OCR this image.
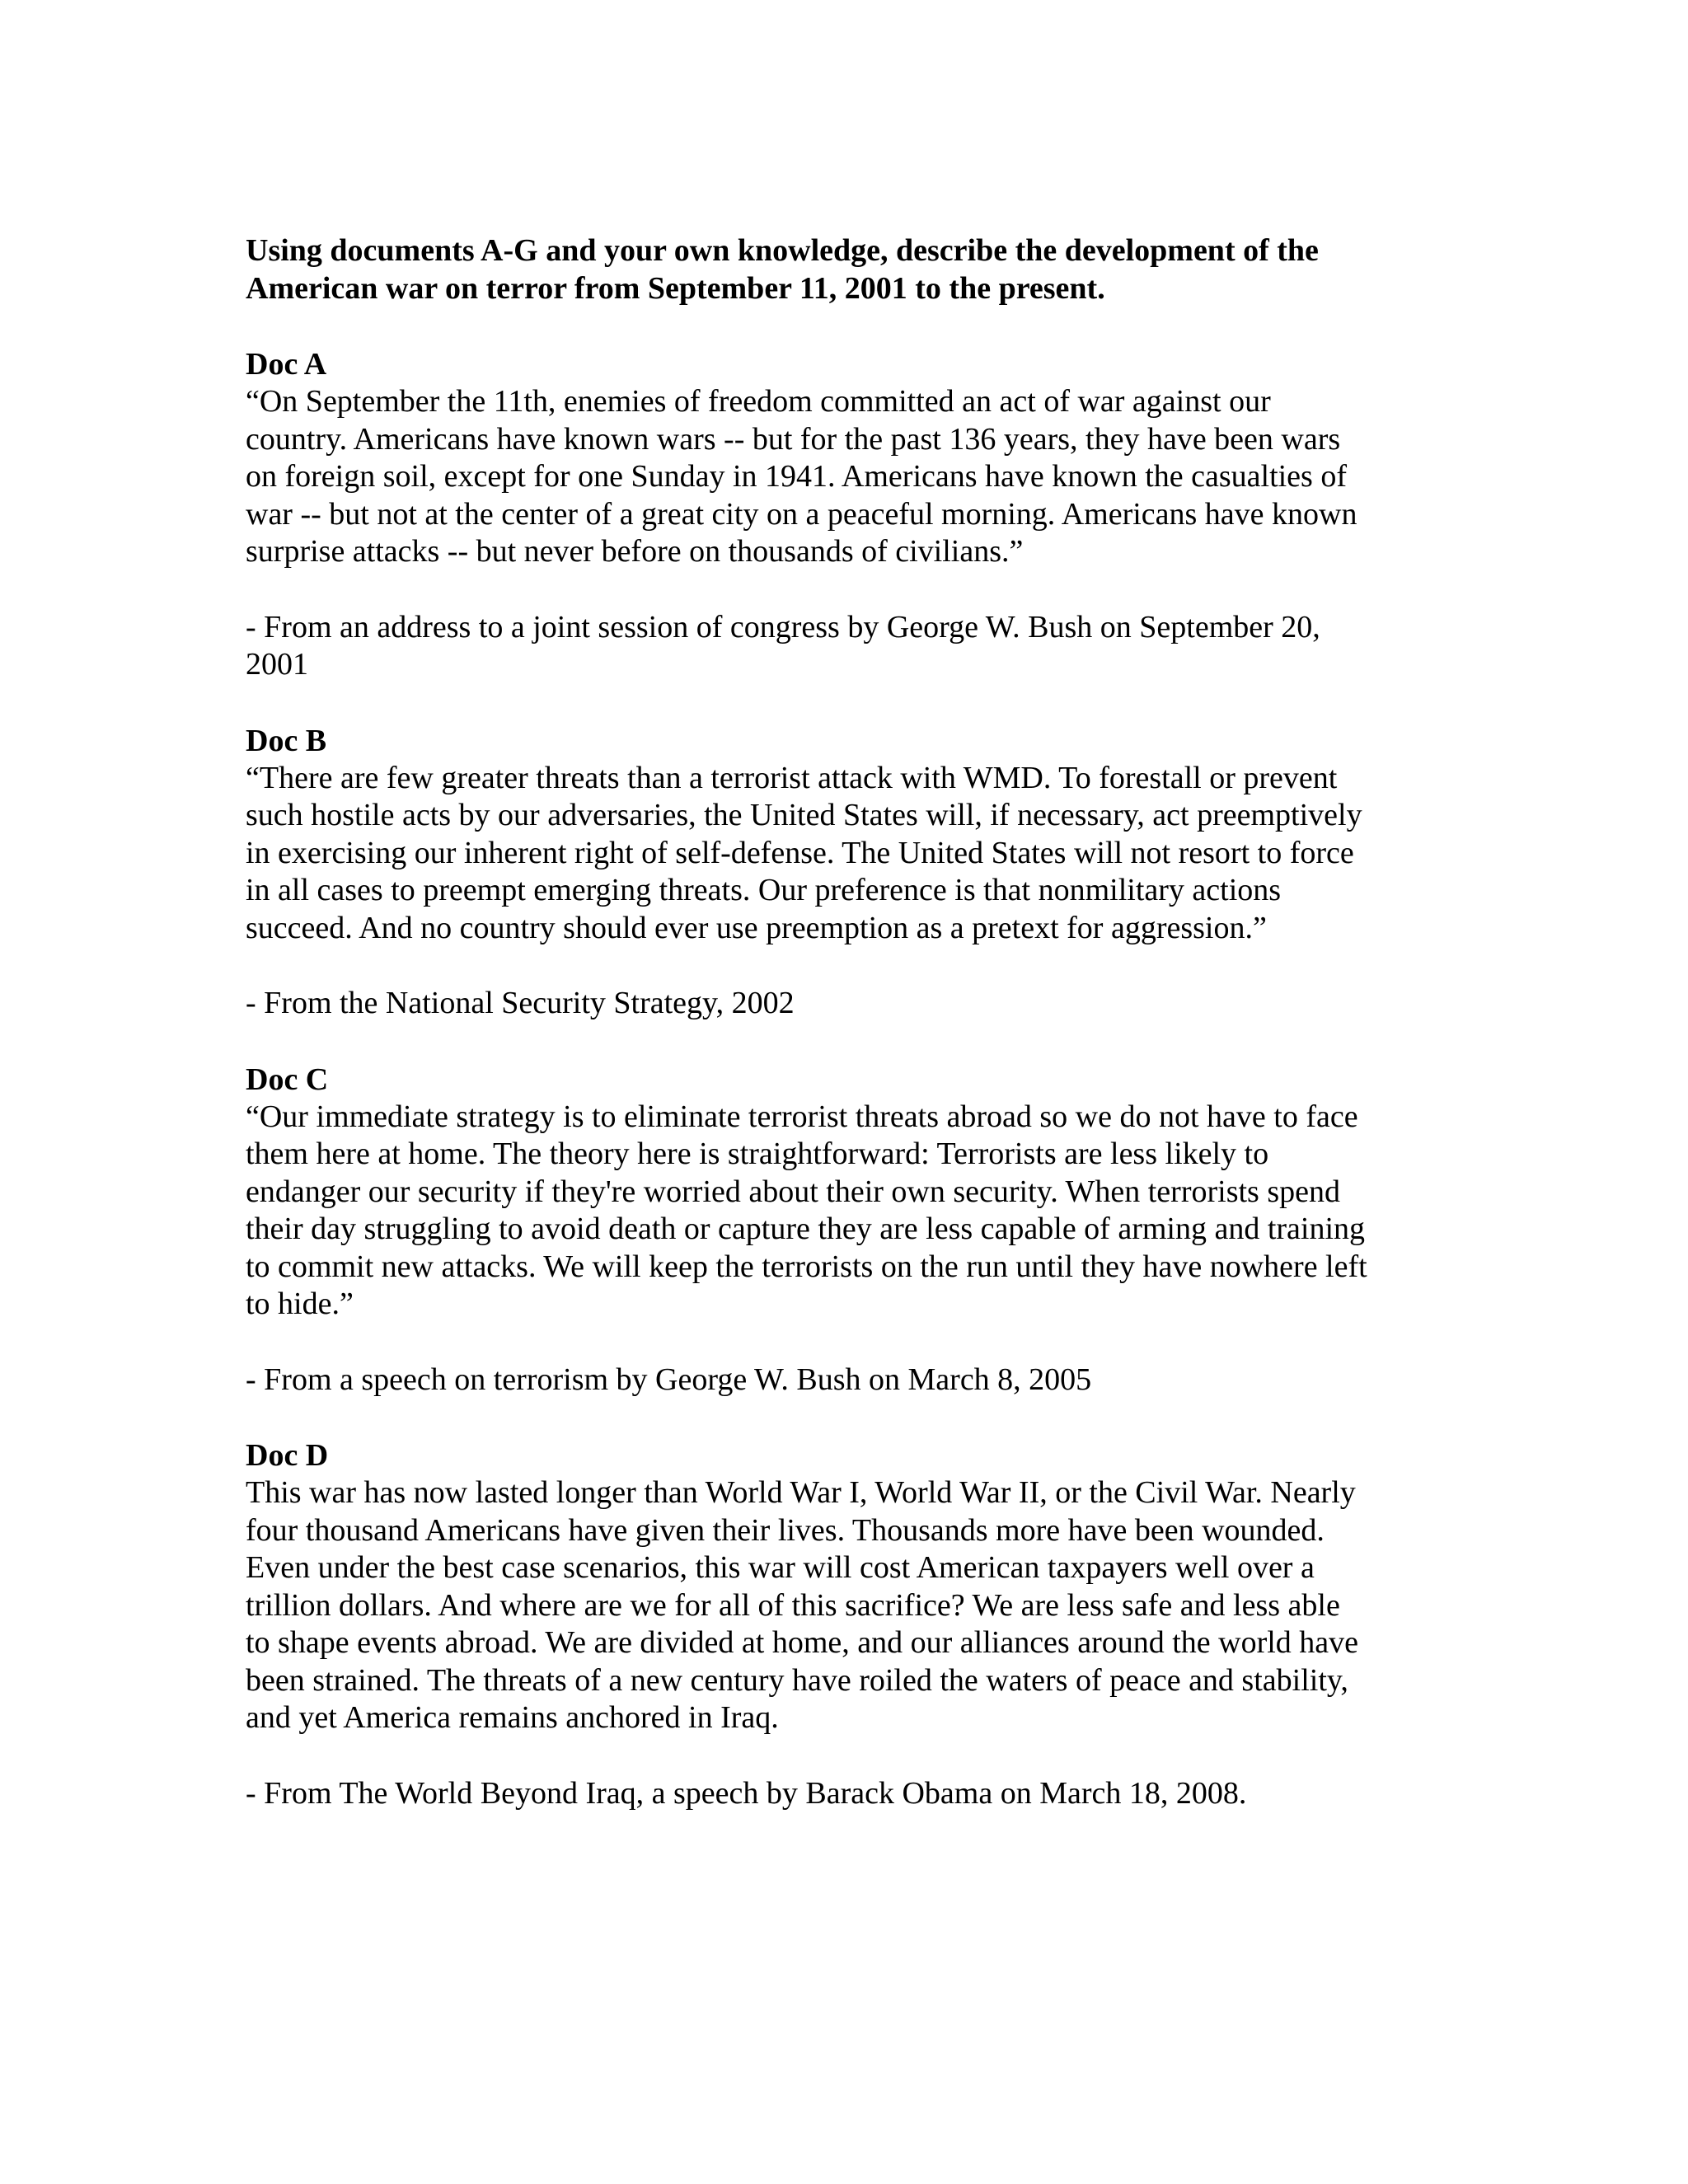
Using documents A-G and your own knowledge, describe the development of the
American war on terror from September 11, 2001 to the present.
Doc A
“On September the 11th, enemies of freedom committed an act of war against our
country. Americans have known wars -- but for the past 136 years, they have been wars
on foreign soil, except for one Sunday in 1941. Americans have known the casualties of
war -- but not at the center of a great city on a peaceful morning. Americans have known
surprise attacks -- but never before on thousands of civilians.”
- From an address to a joint session of congress by George W. Bush on September 20,
2001
Doc B
“There are few greater threats than a terrorist attack with WMD. To forestall or prevent
such hostile acts by our adversaries, the United States will, if necessary, act preemptively
in exercising our inherent right of self-defense. The United States will not resort to force
in all cases to preempt emerging threats. Our preference is that nonmilitary actions
succeed. And no country should ever use preemption as a pretext for aggression.”
- From the National Security Strategy, 2002
Doc C
“Our immediate strategy is to eliminate terrorist threats abroad so we do not have to face
them here at home. The theory here is straightforward: Terrorists are less likely to
endanger our security if they're worried about their own security. When terrorists spend
their day struggling to avoid death or capture they are less capable of arming and training
to commit new attacks. We will keep the terrorists on the run until they have nowhere left
to hide.”
- From a speech on terrorism by George W. Bush on March 8, 2005
Doc D
This war has now lasted longer than World War I, World War II, or the Civil War. Nearly
four thousand Americans have given their lives. Thousands more have been wounded.
Even under the best case scenarios, this war will cost American taxpayers well over a
trillion dollars. And where are we for all of this sacrifice? We are less safe and less able
to shape events abroad. We are divided at home, and our alliances around the world have
been strained. The threats of a new century have roiled the waters of peace and stability,
and yet America remains anchored in Iraq.
- From The World Beyond Iraq, a speech by Barack Obama on March 18, 2008.
